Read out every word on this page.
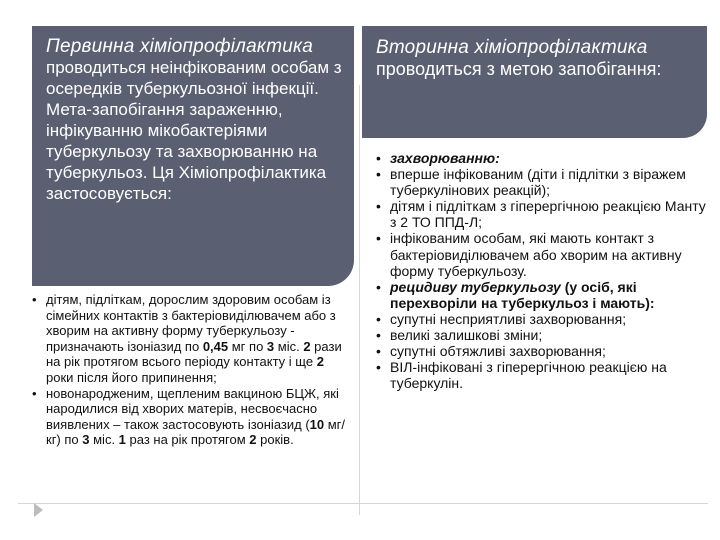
Первинна хіміопрофілактика
проводиться неінфікованим особам з осередків туберкульозної інфекції. Мета-запобігання зараженню, інфікуванню мікобактеріями туберкульозу та захворюванню на туберкульоз. Ця Хіміопрофілактика застосовується:
• дітям, підліткам, дорослим здоровим особам із сімейних контактів з бактеріовиділювачем або з хворим на активну форму туберкульозу - призначають ізоніазид по 0,45 мг по 3 міс. 2 рази на рік протягом всього періоду контакту і ще 2 роки після його припинення;
• новонародженим, щепленим вакциною БЦЖ, які народилися від хворих матерів, несвоєчасно виявлених – також застосовують ізоніазид (10 мг/кг) по 3 міс. 1 раз на рік протягом 2 років.
Вторинна хіміопрофілактика
проводиться з метою запобігання:
• захворюванню:
• вперше інфікованим (діти і підлітки з віражем туберкулінових реакцій);
• дітям і підліткам з гіперергічною реакцією Манту з 2 ТО ППД-Л;
• інфікованим особам, які мають контакт з бактеріовиділювачем або хворим на активну форму туберкульозу.
• рецидиву туберкульозу (у осіб, які перехворіли на туберкульоз і мають):
• супутні несприятливі захворювання;
• великі залишкові зміни;
• супутні обтяжливі захворювання;
• ВІЛ-інфіковані з гіперергічною реакцією на туберкулін.
